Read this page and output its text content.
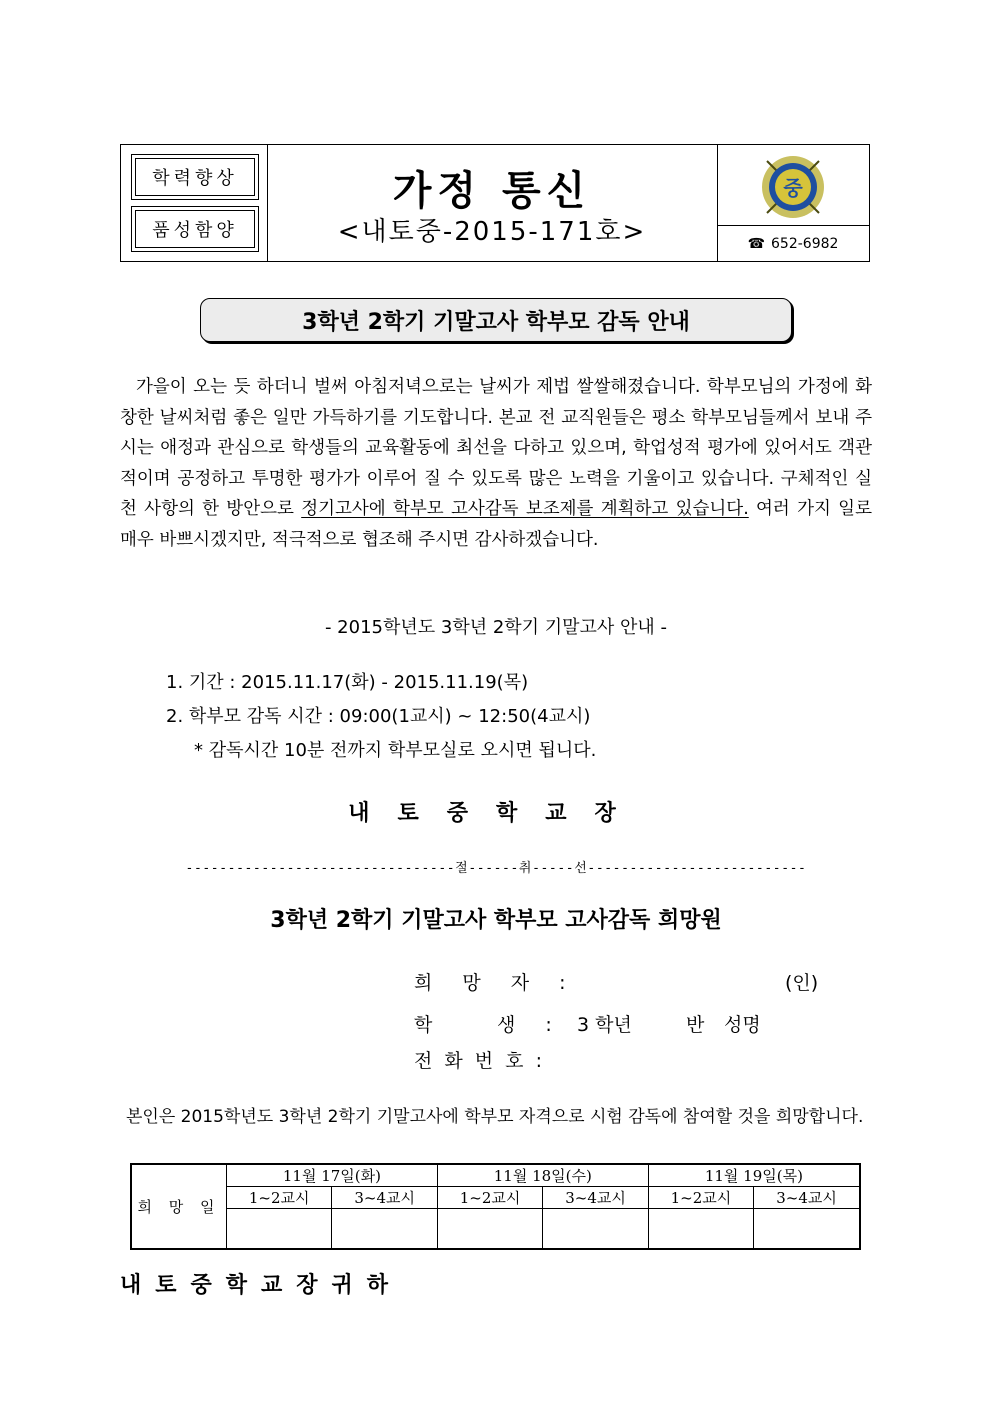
학력향상
품성함양
가정 통신
<내토중-2015-171호>
중
☎ 652-6982
3학년 2학기 기말고사 학부모 감독 안내
가을이 오는 듯 하더니 벌써 아침저녁으로는 날씨가 제법 쌀쌀해졌습니다. 학부모님의 가정에 화창한 날씨처럼 좋은 일만 가득하기를 기도합니다. 본교 전 교직원들은 평소 학부모님들께서 보내 주시는 애정과 관심으로 학생들의 교육활동에 최선을 다하고 있으며, 학업성적 평가에 있어서도 객관적이며 공정하고 투명한 평가가 이루어 질 수 있도록 많은 노력을 기울이고 있습니다. 구체적인 실천 사항의 한 방안으로 정기고사에 학부모 고사감독 보조제를 계획하고 있습니다. 여러 가지 일로 매우 바쁘시겠지만, 적극적으로 협조해 주시면 감사하겠습니다.
- 2015학년도 3학년 2학기 기말고사 안내 -
1. 기간 : 2015.11.17(화) - 2015.11.19(목)
2. 학부모 감독 시간 : 09:00(1교시) ~ 12:50(4교시)
* 감독시간 10분 전까지 학부모실로 오시면 됩니다.
내토중학교장
--------------------------------절------취-----선--------------------------
3학년 2학기 기말고사 학부모 고사감독 희망원
희 망 자 :	(인)
학	생 : 3 학년	반 성명
전 화 번 호 :
본인은 2015학년도 3학년 2학기 기말고사에 학부모 자격으로 시험 감독에 참여할 것을 희망합니다.
희 망 일	11월 17일(화)		11월 18일(수)		11월 19일(목)	
	1~2교시	3~4교시	1~2교시	3~4교시	1~2교시	3~4교시

내토중학교장귀하
